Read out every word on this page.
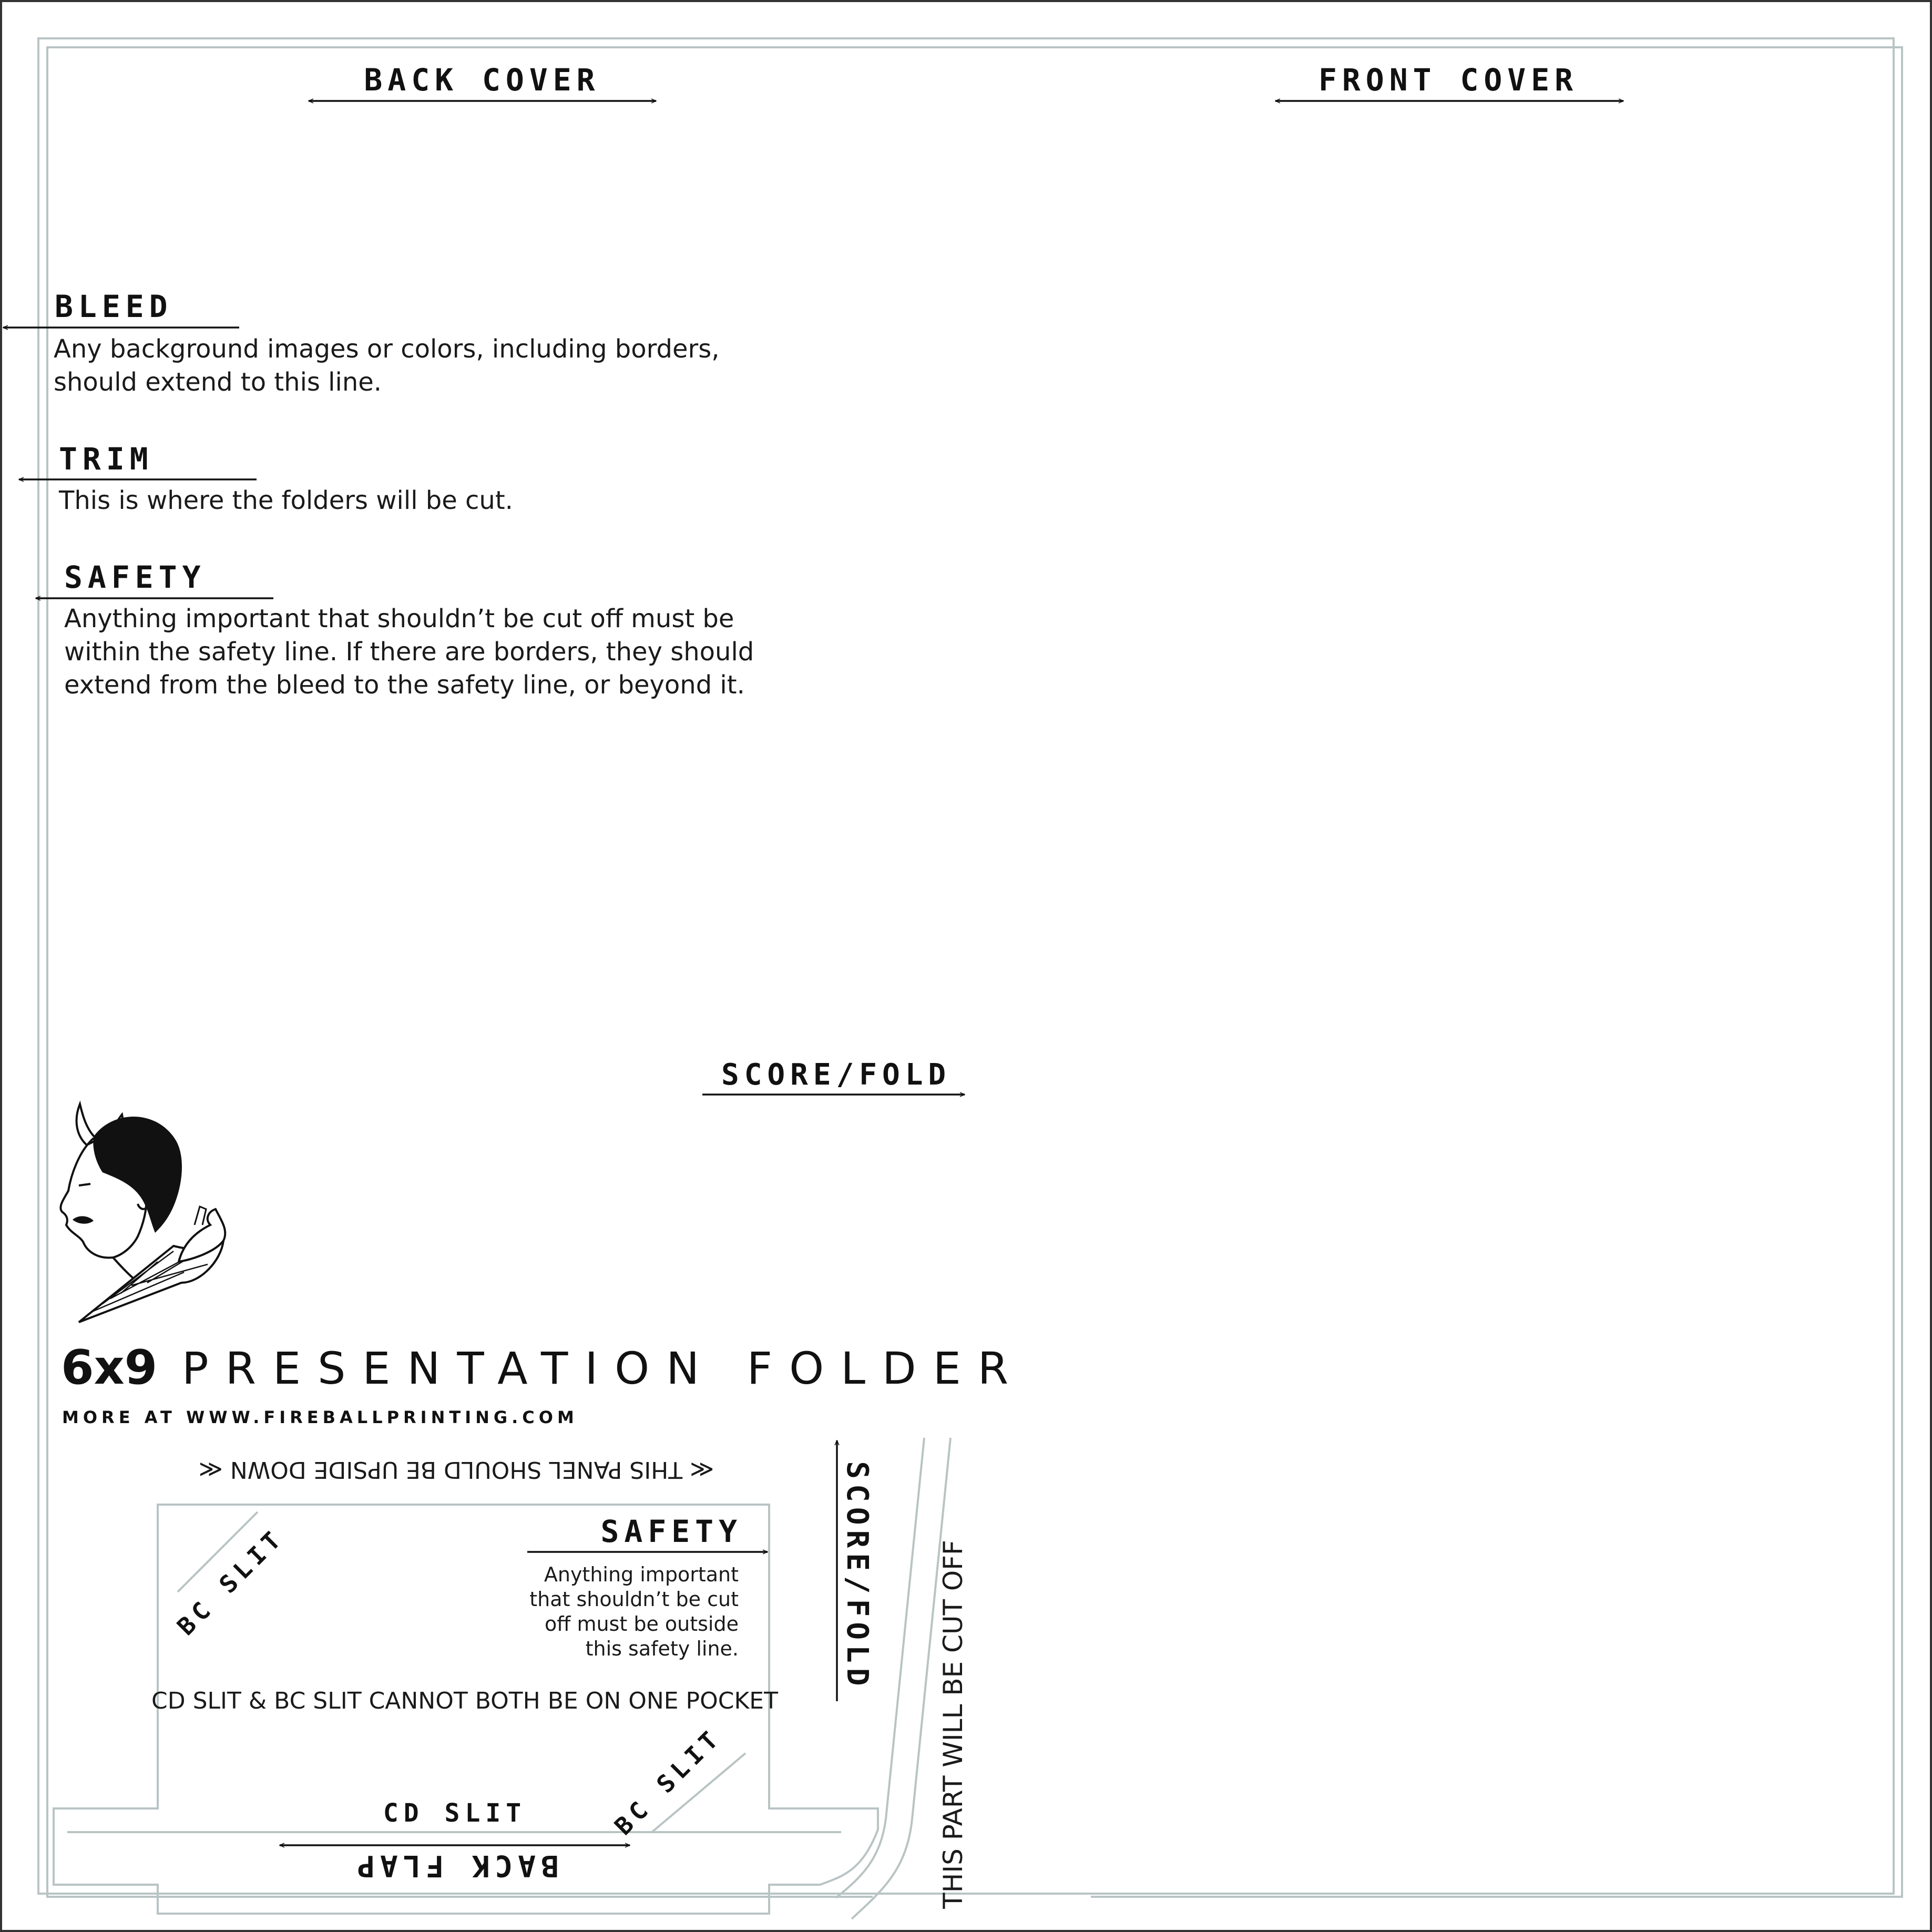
BACK COVER	FRONT COVER
BLEED
Any background images or colors, including borders,
should extend to this line.
TRIM
This is where the folders will be cut.
SAFETY
Anything important that shouldn’t be cut off must be
within the safety line. If there are borders, they should
extend from the bleed to the safety line, or beyond it.
SCORE/FOLD
6x9 PRESENTATION FOLDER
MORE AT WWW.FIREBALLPRINTING.COM
≪ THIS PANEL SHOULD BE UPSIDE DOWN ≪
BC SLIT
BC SLIT
SAFETY
Anything important
that shouldn’t be cut
off must be outside
this safety line.
CD SLIT & BC SLIT CANNOT BOTH BE ON ONE POCKET
CD SLIT
BACK FLAP
SCORE/FOLD THIS PART WILL BE CUT OFF
